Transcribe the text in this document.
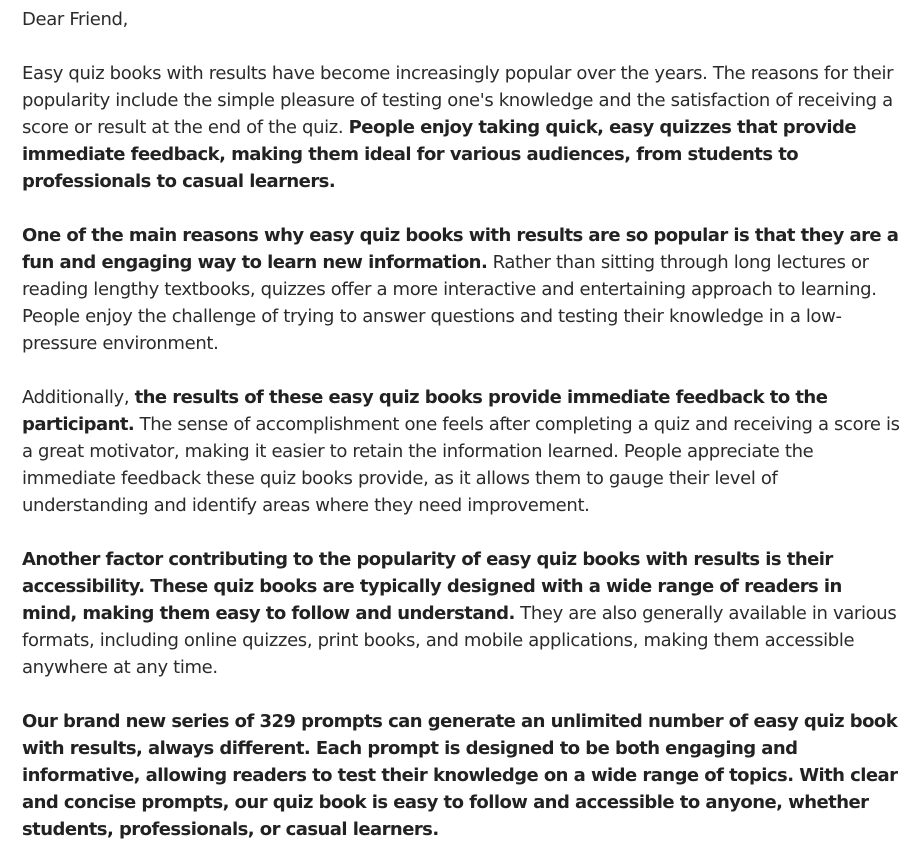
Dear Friend,

Easy quiz books with results have become increasingly popular over the years. The reasons for their popularity include the simple pleasure of testing one's knowledge and the satisfaction of receiving a score or result at the end of the quiz. People enjoy taking quick, easy quizzes that provide immediate feedback, making them ideal for various audiences, from students to professionals to casual learners.

One of the main reasons why easy quiz books with results are so popular is that they are a fun and engaging way to learn new information. Rather than sitting through long lectures or reading lengthy textbooks, quizzes offer a more interactive and entertaining approach to learning. People enjoy the challenge of trying to answer questions and testing their knowledge in a low-pressure environment.

Additionally, the results of these easy quiz books provide immediate feedback to the participant. The sense of accomplishment one feels after completing a quiz and receiving a score is a great motivator, making it easier to retain the information learned. People appreciate the immediate feedback these quiz books provide, as it allows them to gauge their level of understanding and identify areas where they need improvement.

Another factor contributing to the popularity of easy quiz books with results is their accessibility. These quiz books are typically designed with a wide range of readers in mind, making them easy to follow and understand. They are also generally available in various formats, including online quizzes, print books, and mobile applications, making them accessible anywhere at any time.

Our brand new series of 329 prompts can generate an unlimited number of easy quiz book with results, always different. Each prompt is designed to be both engaging and informative, allowing readers to test their knowledge on a wide range of topics. With clear and concise prompts, our quiz book is easy to follow and accessible to anyone, whether students, professionals, or casual learners.
